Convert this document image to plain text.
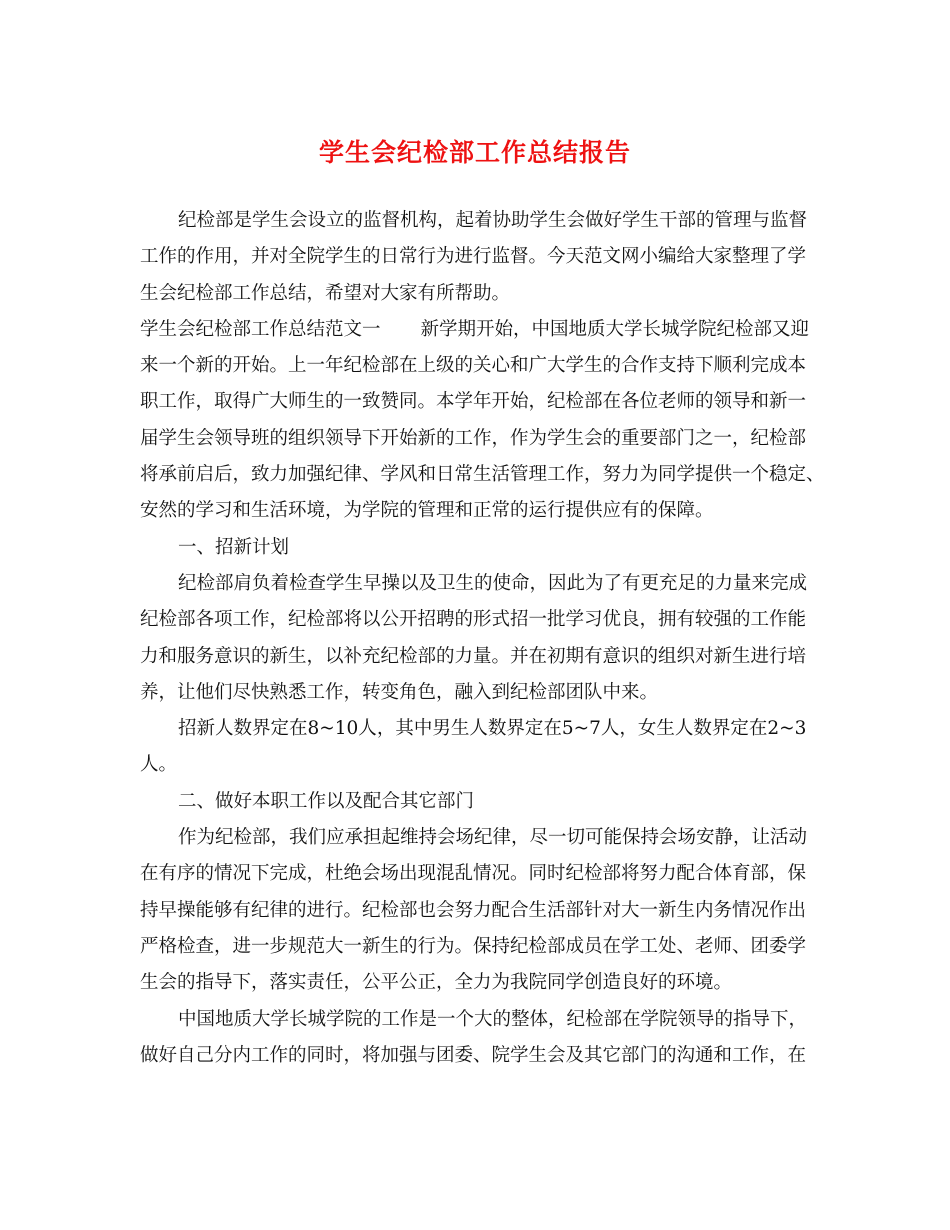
学生会纪检部工作总结报告
纪检部是学生会设立的监督机构，起着协助学生会做好学生干部的管理与监督
工作的作用，并对全院学生的日常行为进行监督。今天范文网小编给大家整理了学
生会纪检部工作总结，希望对大家有所帮助。
学生会纪检部工作总结范文一 新学期开始，中国地质大学长城学院纪检部又迎
来一个新的开始。上一年纪检部在上级的关心和广大学生的合作支持下顺利完成本
职工作，取得广大师生的一致赞同。本学年开始，纪检部在各位老师的领导和新一
届学生会领导班的组织领导下开始新的工作，作为学生会的重要部门之一，纪检部
将承前启后，致力加强纪律、学风和日常生活管理工作，努力为同学提供一个稳定、
安然的学习和生活环境，为学院的管理和正常的运行提供应有的保障。
一、招新计划
纪检部肩负着检查学生早操以及卫生的使命，因此为了有更充足的力量来完成
纪检部各项工作，纪检部将以公开招聘的形式招一批学习优良，拥有较强的工作能
力和服务意识的新生，以补充纪检部的力量。并在初期有意识的组织对新生进行培
养，让他们尽快熟悉工作，转变角色，融入到纪检部团队中来。
招新人数界定在8~10人，其中男生人数界定在5~7人，女生人数界定在2~3
人。
二、做好本职工作以及配合其它部门
作为纪检部，我们应承担起维持会场纪律，尽一切可能保持会场安静，让活动
在有序的情况下完成，杜绝会场出现混乱情况。同时纪检部将努力配合体育部，保
持早操能够有纪律的进行。纪检部也会努力配合生活部针对大一新生内务情况作出
严格检查，进一步规范大一新生的行为。保持纪检部成员在学工处、老师、团委学
生会的指导下，落实责任，公平公正，全力为我院同学创造良好的环境。
中国地质大学长城学院的工作是一个大的整体，纪检部在学院领导的指导下，
做好自己分内工作的同时，将加强与团委、院学生会及其它部门的沟通和工作，在
